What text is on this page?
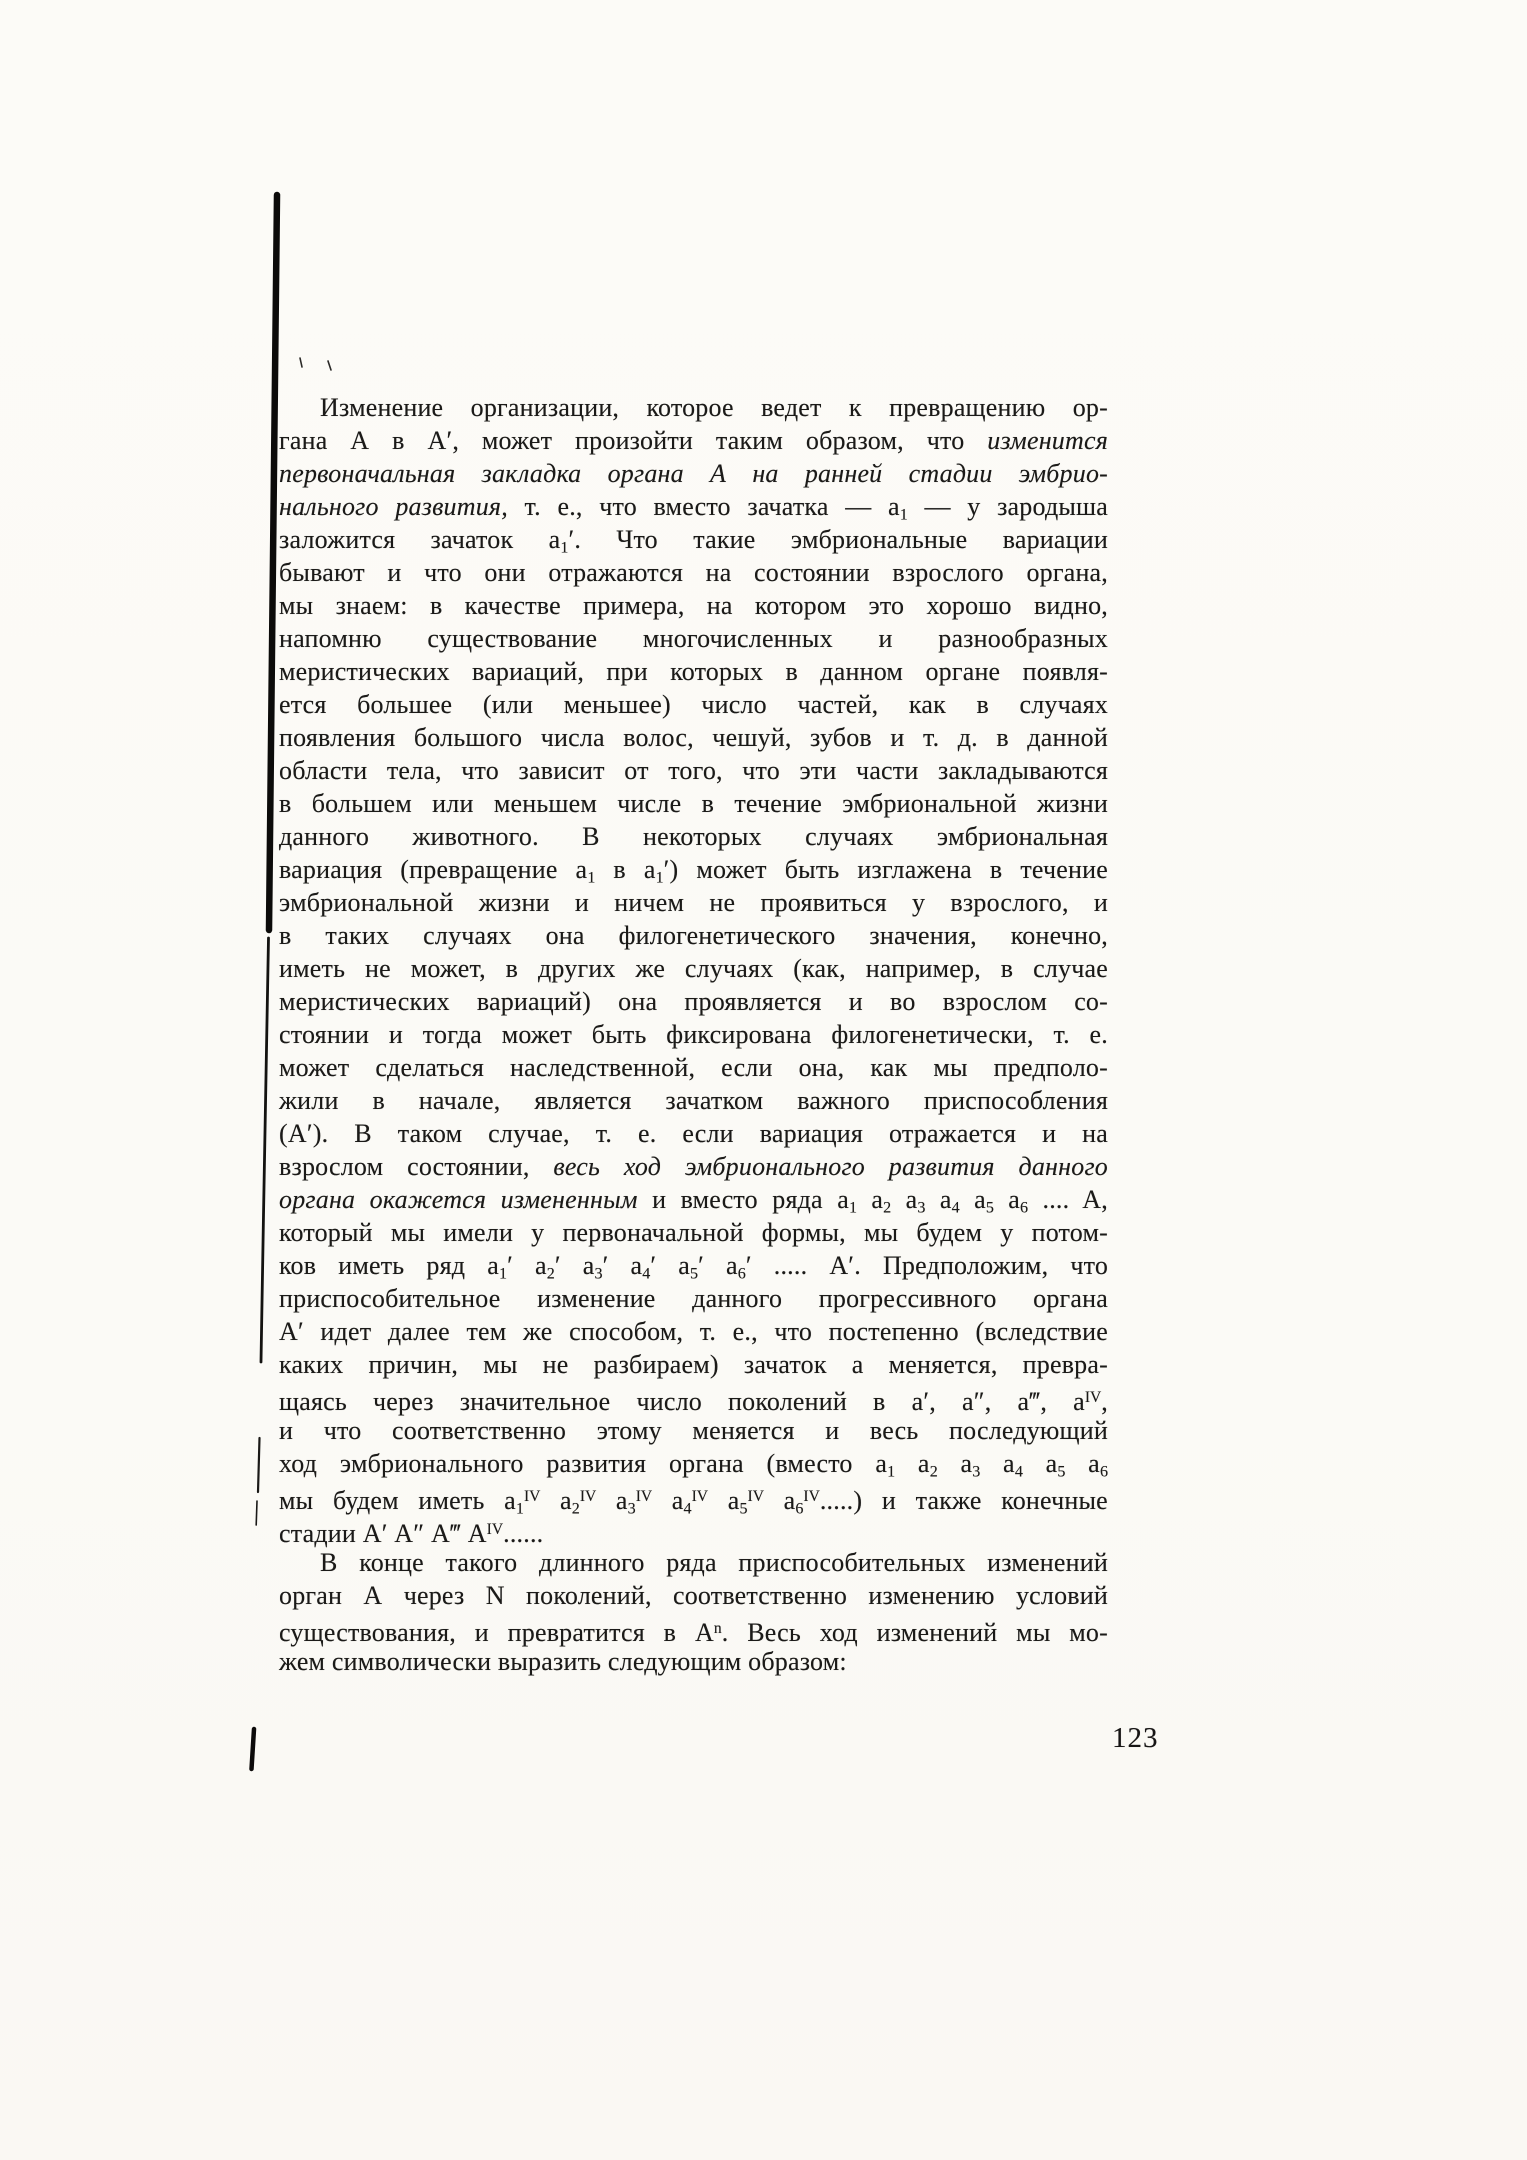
Изменение организации, которое ведет к превращению ор-
гана А в А′, может произойти таким образом, что изменится
первоначальная закладка органа А на ранней стадии эмбрио-
нального развития, т. е., что вместо зачатка — a1 — у зародыша
заложится зачаток a1′. Что такие эмбриональные вариации
бывают и что они отражаются на состоянии взрослого органа,
мы знаем: в качестве примера, на котором это хорошо видно,
напомню существование многочисленных и разнообразных
меристических вариаций, при которых в данном органе появля-
ется большее (или меньшее) число частей, как в случаях
появления большого числа волос, чешуй, зубов и т. д. в данной
области тела, что зависит от того, что эти части закладываются
в большем или меньшем числе в течение эмбриональной жизни
данного животного. В некоторых случаях эмбриональная
вариация (превращение a1 в a1′) может быть изглажена в течение
эмбриональной жизни и ничем не проявиться у взрослого, и
в таких случаях она филогенетического значения, конечно,
иметь не может, в других же случаях (как, например, в случае
меристических вариаций) она проявляется и во взрослом со-
стоянии и тогда может быть фиксирована филогенетически, т. е.
может сделаться наследственной, если она, как мы предполо-
жили в начале, является зачатком важного приспособления
(А′). В таком случае, т. е. если вариация отражается и на
взрослом состоянии, весь ход эмбрионального развития данного
органа окажется измененным и вместо ряда a1 a2 a3 a4 a5 a6 .... A,
который мы имели у первоначальной формы, мы будем у потом-
ков иметь ряд a1′ a2′ a3′ a4′ a5′ a6′ ..... А′. Предположим, что
приспособительное изменение данного прогрессивного органа
А′ идет далее тем же способом, т. е., что постепенно (вследствие
каких причин, мы не разбираем) зачаток a меняется, превра-
щаясь через значительное число поколений в a′, a″, a‴, $a^{IV}$,
и что соответственно этому меняется и весь последующий
ход эмбрионального развития органа (вместо a1 a2 a3 a4 a5 a6
мы будем иметь $a1^{IV}$ $a2^{IV}$ $a3^{IV}$ $a4^{IV}$ $a5^{IV}$ $a6^{IV}$.....) и также конечные
стадии А′ А″ А‴ $А^{IV}$......
В конце такого длинного ряда приспособительных изменений
орган А через N поколений, соответственно изменению условий
существования, и превратится в $А^n$. Весь ход изменений мы мо-
жем символически выразить следующим образом:
123
